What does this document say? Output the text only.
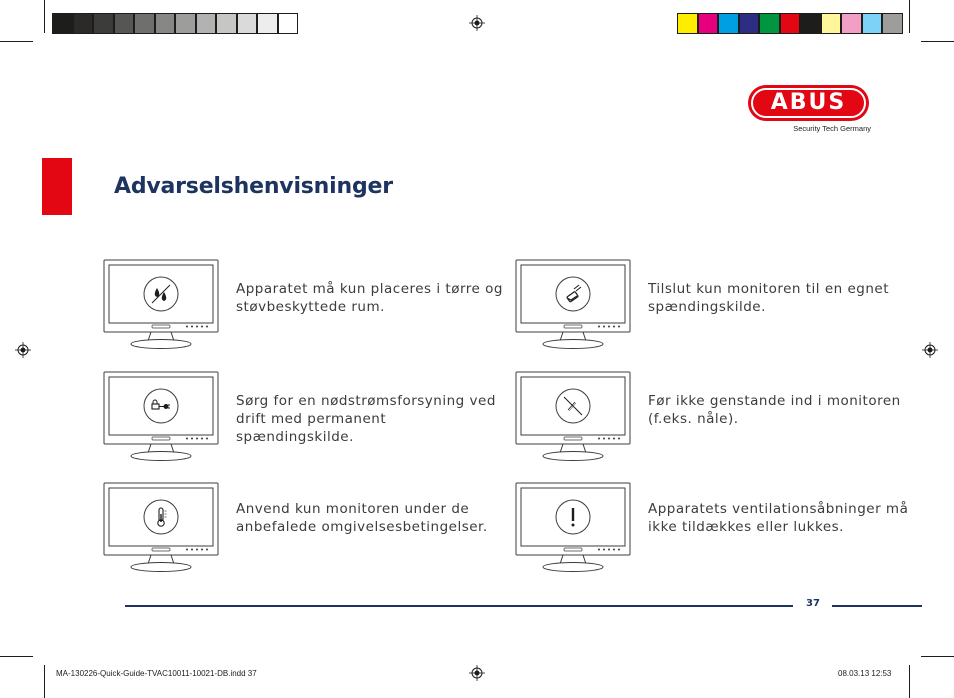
ABUS
Security Tech Germany
Advarselshenvisninger
Apparatet må kun placeres i tørre og støvbeskyttede rum.
Tilslut kun monitoren til en egnet spændingskilde.
Sørg for en nødstrømsforsyning ved drift med permanent spændingskilde.
Før ikke genstande ind i monitoren (f.eks. nåle).
Anvend kun monitoren under de anbefalede omgivelsesbetingelser.
Apparatets ventilationsåbninger må ikke tildækkes eller lukkes.
37
MA-130226-Quick-Guide-TVAC10011-10021-DB.indd 37	08.03.13 12:53
